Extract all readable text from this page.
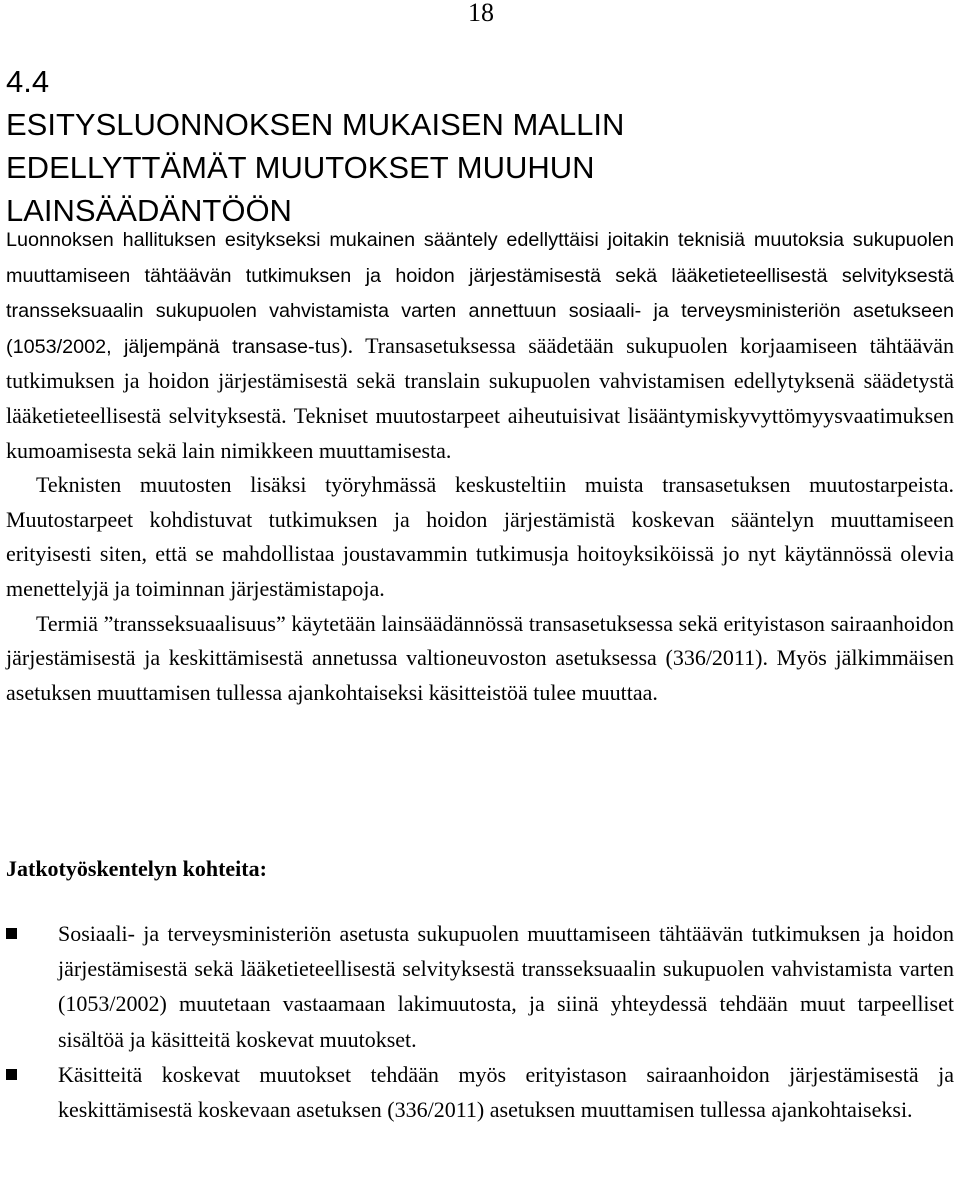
18
4.4
ESITYSLUONNOKSEN MUKAISEN MALLIN
EDELLYTTÄMÄT MUUTOKSET MUUHUN
LAINSÄÄDÄNTÖÖN

Luonnoksen hallituksen esitykseksi mukainen sääntely edellyttäisi joitakin teknisiä muutoksia sukupuolen muuttamiseen tähtäävän tutkimuksen ja hoidon järjestämisestä sekä lääketieteellisestä selvityksestä transseksuaalin sukupuolen vahvistamista varten annettuun sosiaali- ja terveysministeriön asetukseen (1053/2002, jäljempänä transase-tus). Transasetuksessa säädetään sukupuolen korjaamiseen tähtäävän tutkimuksen ja hoidon järjestämisestä sekä translain sukupuolen vahvistamisen edellytyksenä säädetystä lääketieteellisestä selvityksestä. Tekniset muutostarpeet aiheutuisivat lisääntymiskyvyttömyysvaatimuksen kumoamisesta sekä lain nimikkeen muuttamisesta.

Teknisten muutosten lisäksi työryhmässä keskusteltiin muista transasetuksen muutostarpeista. Muutostarpeet kohdistuvat tutkimuksen ja hoidon järjestämistä koskevan sääntelyn muuttamiseen erityisesti siten, että se mahdollistaa joustavammin tutkimusja hoitoyksiköissä jo nyt käytännössä olevia menettelyjä ja toiminnan järjestämistapoja.

Termiä ”transseksuaalisuus” käytetään lainsäädännössä transasetuksessa sekä erityistason sairaanhoidon järjestämisestä ja keskittämisestä annetussa valtioneuvoston asetuksessa (336/2011). Myös jälkimmäisen asetuksen muuttamisen tullessa ajankohtaiseksi käsitteistöä tulee muuttaa.

Jatkotyöskentelyn kohteita:
Sosiaali- ja terveysministeriön asetusta sukupuolen muuttamiseen tähtäävän tutkimuksen ja hoidon järjestämisestä sekä lääketieteellisestä selvityksestä transseksuaalin sukupuolen vahvistamista varten (1053/2002) muutetaan vastaamaan lakimuutosta, ja siinä yhteydessä tehdään muut tarpeelliset sisältöä ja käsitteitä koskevat muutokset.
Käsitteitä koskevat muutokset tehdään myös erityistason sairaanhoidon järjestämisestä ja keskittämisestä koskevaan asetuksen (336/2011) asetuksen muuttamisen tullessa ajankohtaiseksi.
